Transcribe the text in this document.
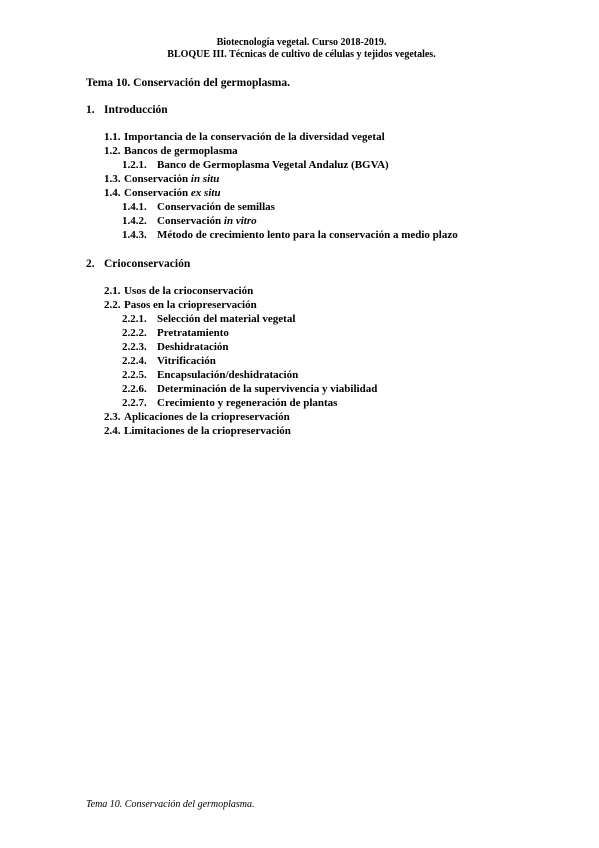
Biotecnología vegetal. Curso 2018-2019.
BLOQUE III. Técnicas de cultivo de células y tejidos vegetales.
Tema 10. Conservación del germoplasma.
1. Introducción
1.1. Importancia de la conservación de la diversidad vegetal
1.2. Bancos de germoplasma
1.2.1. Banco de Germoplasma Vegetal Andaluz (BGVA)
1.3. Conservación in situ
1.4. Conservación ex situ
1.4.1. Conservación de semillas
1.4.2. Conservación in vitro
1.4.3. Método de crecimiento lento para la conservación a medio plazo
2. Crioconservación
2.1. Usos de la crioconservación
2.2. Pasos en la criopreservación
2.2.1. Selección del material vegetal
2.2.2. Pretratamiento
2.2.3. Deshidratación
2.2.4. Vitrificación
2.2.5. Encapsulación/deshidratación
2.2.6. Determinación de la supervivencia y viabilidad
2.2.7. Crecimiento y regeneración de plantas
2.3. Aplicaciones de la criopreservación
2.4. Limitaciones de la criopreservación
Tema 10. Conservación del germoplasma.
